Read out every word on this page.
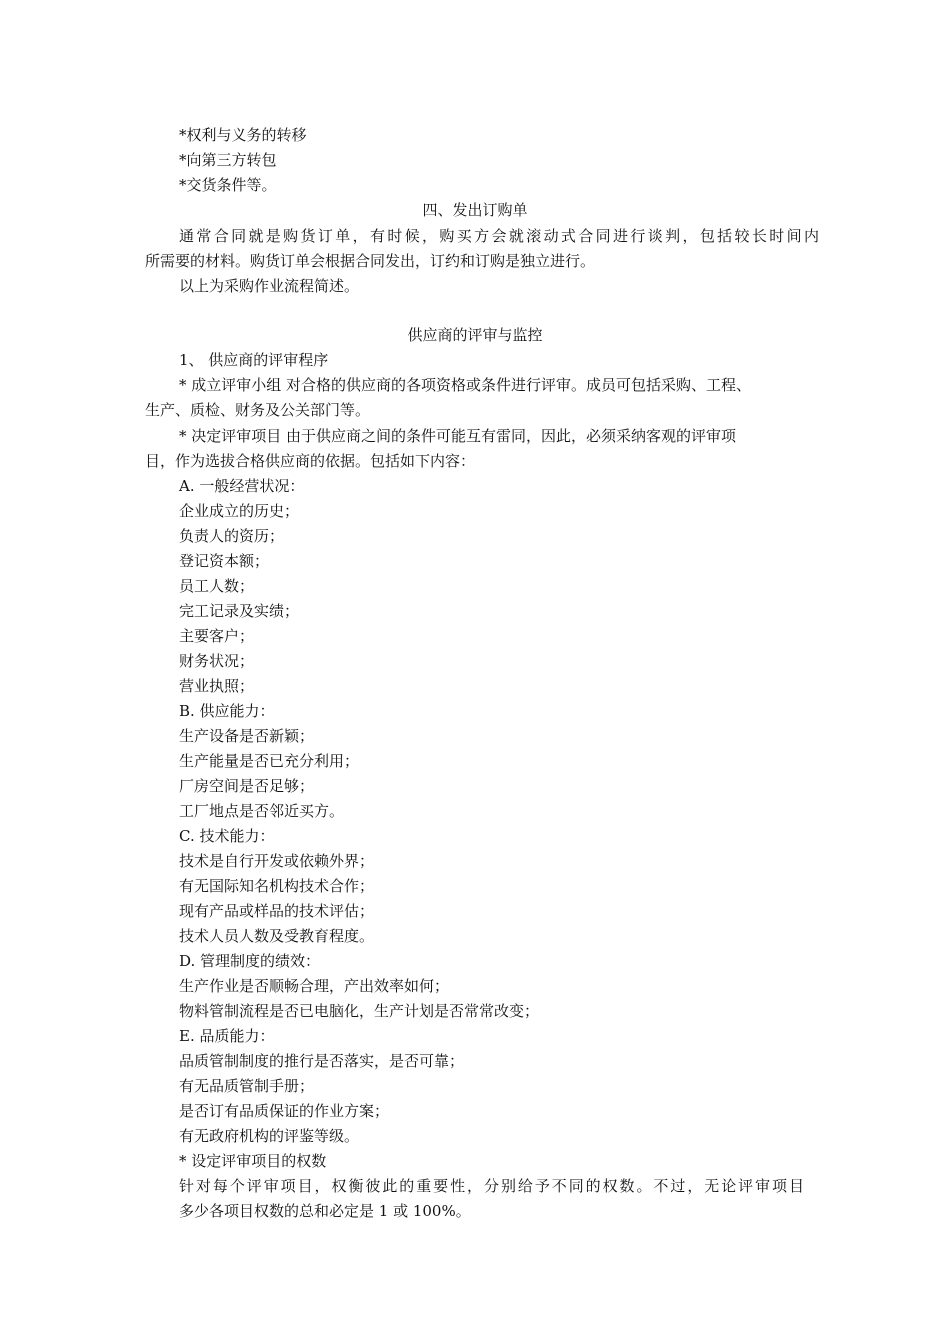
*权利与义务的转移

*向第三方转包

*交货条件等。

四、发出订购单

通常合同就是购货订单，有时候，购买方会就滚动式合同进行谈判，包括较长时间内

所需要的材料。购货订单会根据合同发出，订约和订购是独立进行。

以上为采购作业流程简述。

供应商的评审与监控

1、 供应商的评审程序

* 成立评审小组 对合格的供应商的各项资格或条件进行评审。成员可包括采购、工程、

生产、质检、财务及公关部门等。

* 决定评审项目 由于供应商之间的条件可能互有雷同，因此，必须采纳客观的评审项

目，作为选拔合格供应商的依据。包括如下内容：

A. 一般经营状况：

企业成立的历史；

负责人的资历；

登记资本额；

员工人数；

完工记录及实绩；

主要客户；

财务状况；

营业执照；

B. 供应能力：

生产设备是否新颖；

生产能量是否已充分利用；

厂房空间是否足够；

工厂地点是否邻近买方。

C. 技术能力：

技术是自行开发或依赖外界；

有无国际知名机构技术合作；

现有产品或样品的技术评估；

技术人员人数及受教育程度。

D. 管理制度的绩效：

生产作业是否顺畅合理，产出效率如何；

物料管制流程是否已电脑化，生产计划是否常常改变；

E. 品质能力：

品质管制制度的推行是否落实，是否可靠；

有无品质管制手册；

是否订有品质保证的作业方案；

有无政府机构的评鉴等级。

* 设定评审项目的权数

针对每个评审项目，权衡彼此的重要性，分别给予不同的权数。不过，无论评审项目

多少各项目权数的总和必定是 1 或 100%。
